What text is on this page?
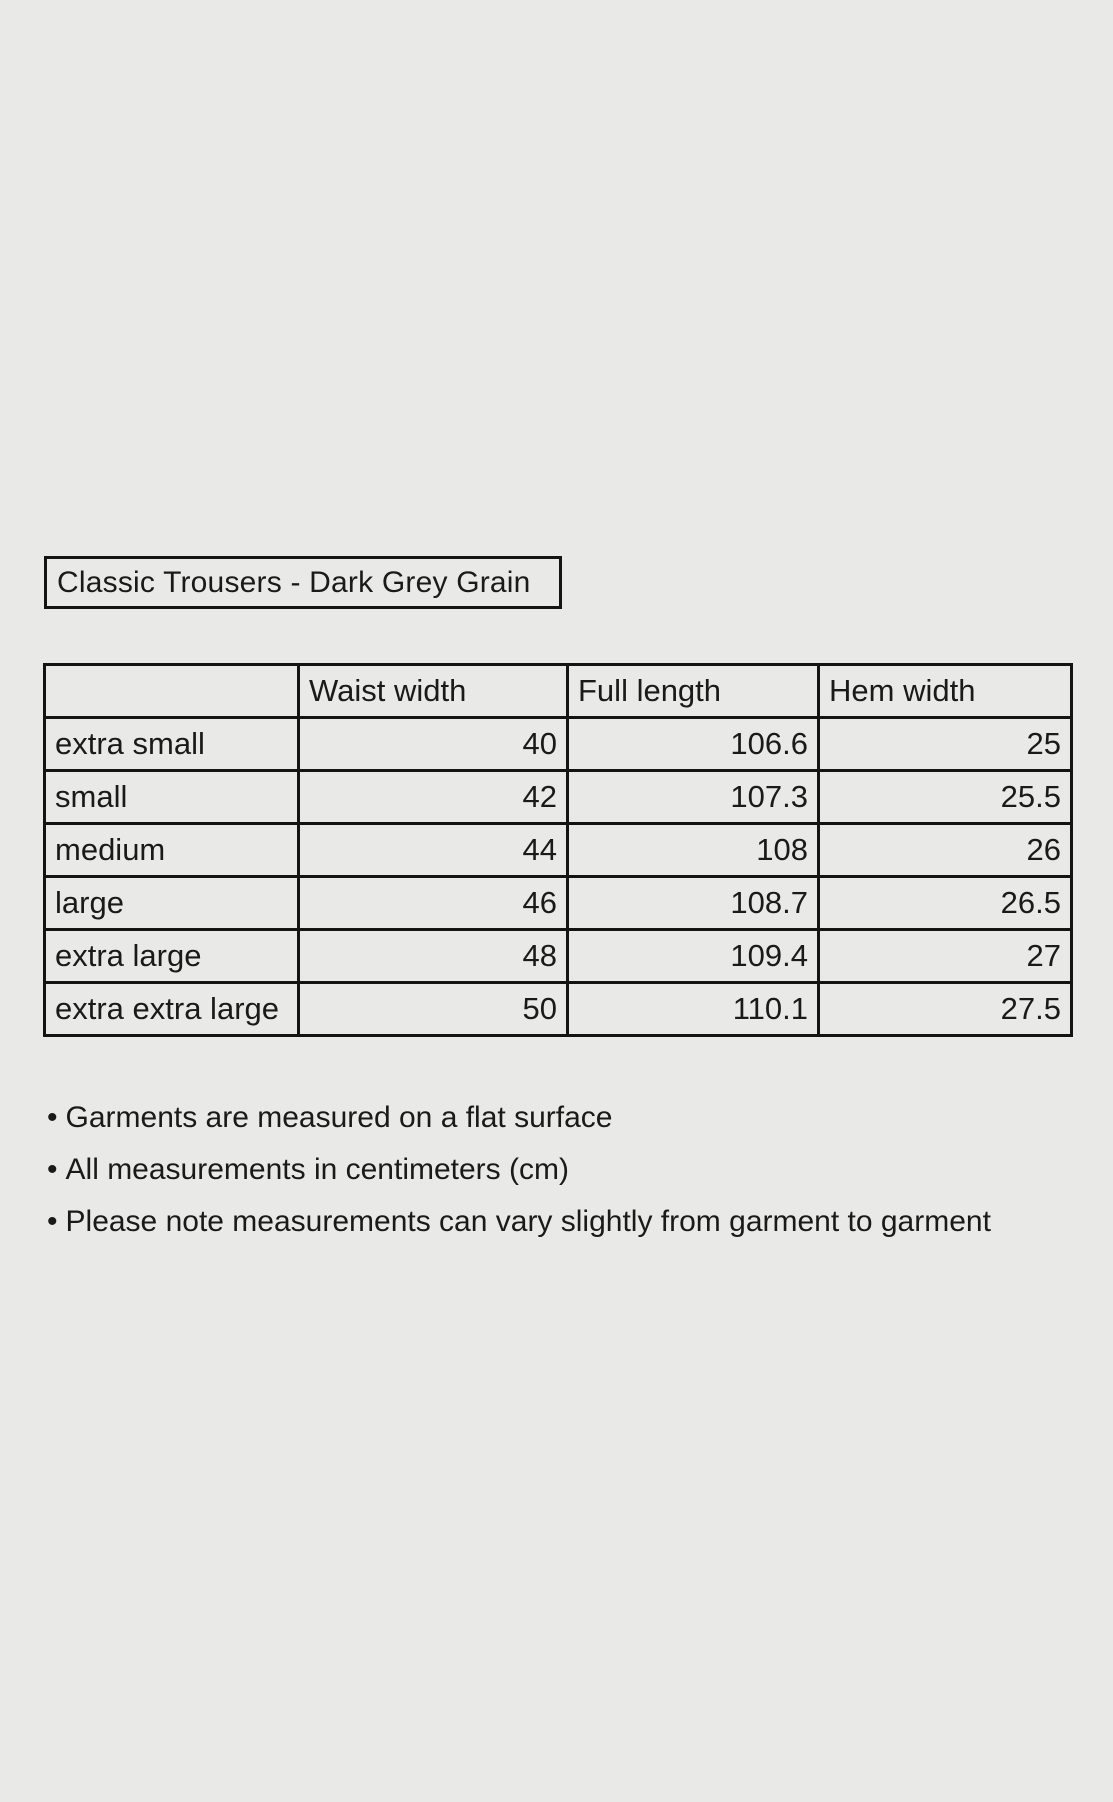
Classic Trousers - Dark Grey Grain
	Waist width	Full length	Hem width
extra small	40	106.6	25
small	42	107.3	25.5
medium	44	108	26
large	46	108.7	26.5
extra large	48	109.4	27
extra extra large	50	110.1	27.5
• Garments are measured on a flat surface
• All measurements in centimeters (cm)
• Please note measurements can vary slightly from garment to garment
